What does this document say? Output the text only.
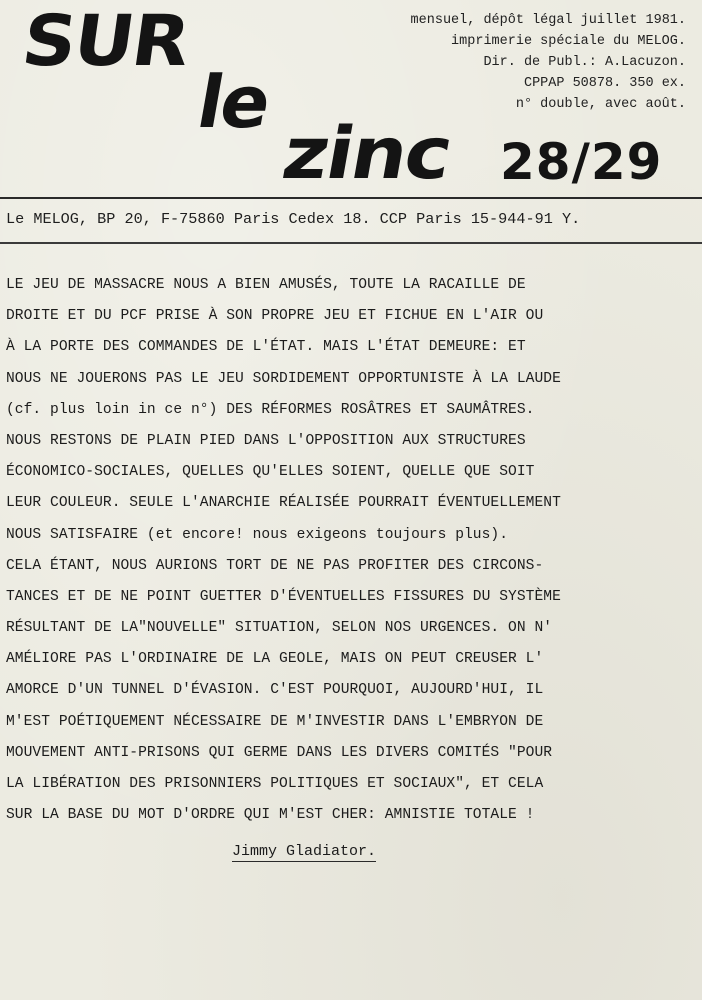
SUR
le
zinc 28/29
mensuel, dépôt légal juillet 1981.
imprimerie spéciale du MELOG.
Dir. de Publ.: A.Lacuzon.
CPPAP 50878. 350 ex.
n° double, avec août.
Le MELOG, BP 20, F-75860 Paris Cedex 18. CCP Paris 15-944-91 Y.
LE JEU DE MASSACRE NOUS A BIEN AMUSÉS, TOUTE LA RACAILLE DE
DROITE ET DU PCF PRISE À SON PROPRE JEU ET FICHUE EN L'AIR OU
À LA PORTE DES COMMANDES DE L'ÉTAT. MAIS L'ÉTAT DEMEURE: ET
NOUS NE JOUERONS PAS LE JEU SORDIDEMENT OPPORTUNISTE À LA LAUDE
(cf. plus loin in ce n°) DES RÉFORMES ROSÂTRES ET SAUMÂTRES.
NOUS RESTONS DE PLAIN PIED DANS L'OPPOSITION AUX STRUCTURES
ÉCONOMICO-SOCIALES, QUELLES QU'ELLES SOIENT, QUELLE QUE SOIT
LEUR COULEUR. SEULE L'ANARCHIE RÉALISÉE POURRAIT ÉVENTUELLEMENT
NOUS SATISFAIRE (et encore! nous exigeons toujours plus).
CELA ÉTANT, NOUS AURIONS TORT DE NE PAS PROFITER DES CIRCONS-
TANCES ET DE NE POINT GUETTER D'ÉVENTUELLES FISSURES DU SYSTÈME
RÉSULTANT DE LA"NOUVELLE" SITUATION, SELON NOS URGENCES. ON N'
AMÉLIORE PAS L'ORDINAIRE DE LA GEOLE, MAIS ON PEUT CREUSER L'
AMORCE D'UN TUNNEL D'ÉVASION. C'EST POURQUOI, AUJOURD'HUI, IL
M'EST POÉTIQUEMENT NÉCESSAIRE DE M'INVESTIR DANS L'EMBRYON DE
MOUVEMENT ANTI-PRISONS QUI GERME DANS LES DIVERS COMITÉS "POUR
LA LIBÉRATION DES PRISONNIERS POLITIQUES ET SOCIAUX", ET CELA
SUR LA BASE DU MOT D'ORDRE QUI M'EST CHER: AMNISTIE TOTALE !
Jimmy Gladiator.
